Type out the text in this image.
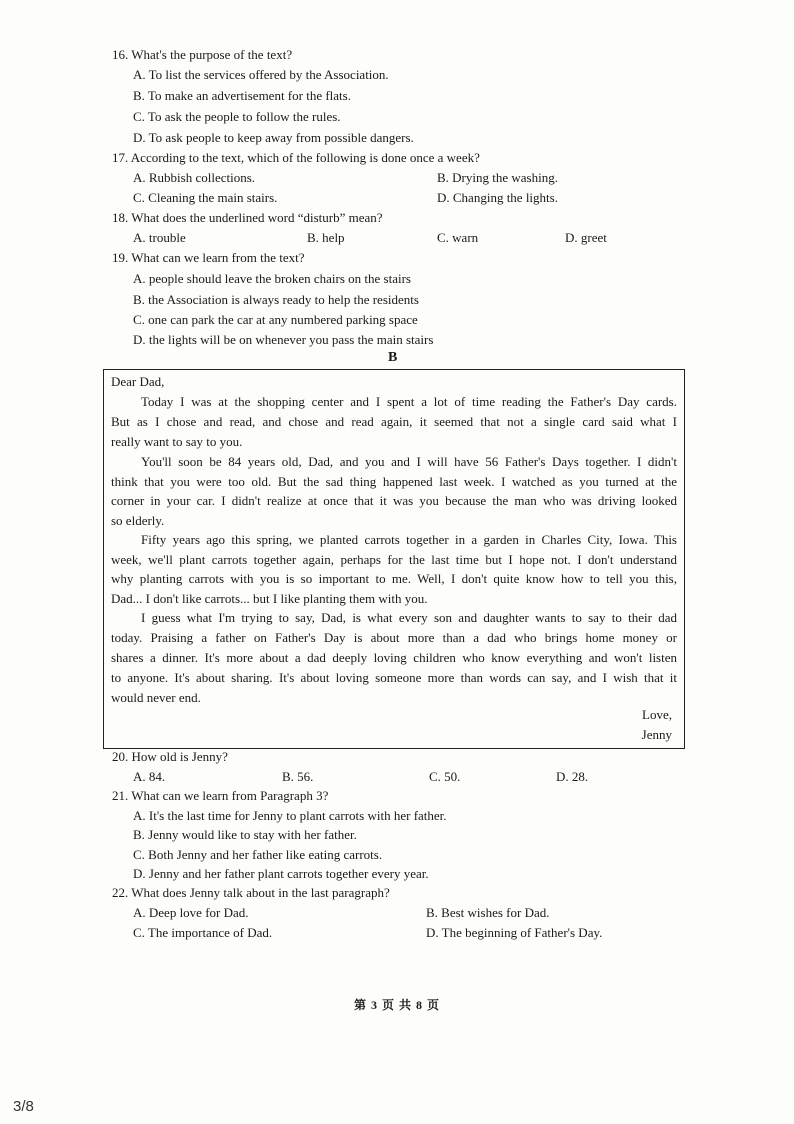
16. What's the purpose of the text?
A. To list the services offered by the Association.
B. To make an advertisement for the flats.
C. To ask the people to follow the rules.
D. To ask people to keep away from possible dangers.
17. According to the text, which of the following is done once a week?
A. Rubbish collections.	B. Drying the washing.
C. Cleaning the main stairs.	D. Changing the lights.
18. What does the underlined word “disturb” mean?
A. trouble	B. help	C. warn	D. greet
19. What can we learn from the text?
A. people should leave the broken chairs on the stairs
B. the Association is always ready to help the residents
C. one can park the car at any numbered parking space
D. the lights will be on whenever you pass the main stairs
B
Dear Dad,
Today I was at the shopping center and I spent a lot of time reading the Father's Day cards.
But as I chose and read, and chose and read again, it seemed that not a single card said what I
really want to say to you.
You'll soon be 84 years old, Dad, and you and I will have 56 Father's Days together. I didn't
think that you were too old. But the sad thing happened last week. I watched as you turned at the
corner in your car. I didn't realize at once that it was you because the man who was driving looked
so elderly.
Fifty years ago this spring, we planted carrots together in a garden in Charles City, Iowa. This
week, we'll plant carrots together again, perhaps for the last time but I hope not. I don't understand
why planting carrots with you is so important to me. Well, I don't quite know how to tell you this,
Dad... I don't like carrots... but I like planting them with you.
I guess what I'm trying to say, Dad, is what every son and daughter wants to say to their dad
today. Praising a father on Father's Day is about more than a dad who brings home money or
shares a dinner. It's more about a dad deeply loving children who know everything and won't listen
to anyone. It's about sharing. It's about loving someone more than words can say, and I wish that it
would never end.
Love,
Jenny
20. How old is Jenny?
A. 84.	B. 56.	C. 50.	D. 28.
21. What can we learn from Paragraph 3?
A. It's the last time for Jenny to plant carrots with her father.
B. Jenny would like to stay with her father.
C. Both Jenny and her father like eating carrots.
D. Jenny and her father plant carrots together every year.
22. What does Jenny talk about in the last paragraph?
A. Deep love for Dad.	B. Best wishes for Dad.
C. The importance of Dad.	D. The beginning of Father's Day.
第 3 页 共 8 页
3/8
